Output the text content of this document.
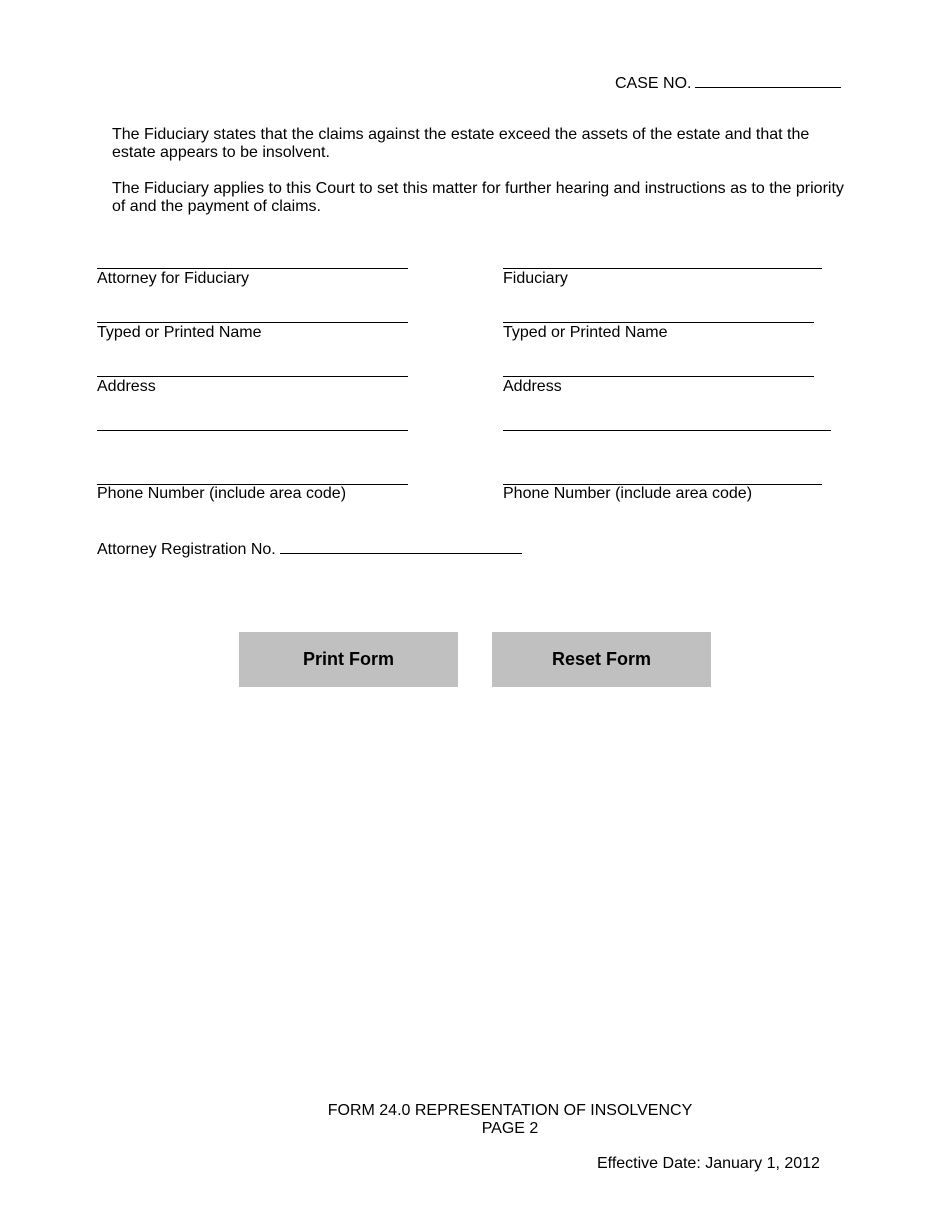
CASE NO.
The Fiduciary states that the claims against the estate exceed the assets of the estate and that the estate appears to be insolvent.
The Fiduciary applies to this Court to set this matter for further hearing and instructions as to the priority of and the payment of claims.
Attorney for Fiduciary
Typed or Printed Name
Address
Phone Number (include area code)
Fiduciary
Typed or Printed Name
Address
Phone Number (include area code)
Attorney Registration No.
Print Form	Reset Form
FORM 24.0 REPRESENTATION OF INSOLVENCY
PAGE 2
Effective Date: January 1, 2012
